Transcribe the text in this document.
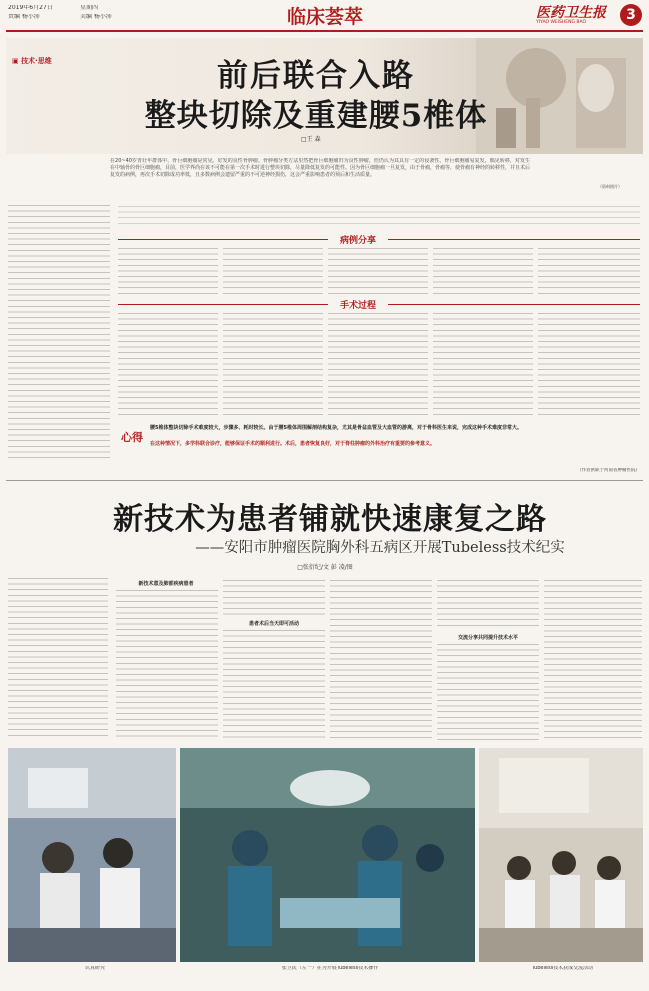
2019年6月27日	星期四
责编 杨小沛	美编 杨小沛	临床荟萃	医药卫生报
YIYAO WEISHENG BAO	3
▣ 技术·思维	前后联合入路
整块切除及重建腰5椎体
□王 森
在20~40岁青壮年群体中，骨巨细胞瘤是常见、好发的良性骨肿瘤。骨肿瘤分类方法里然把骨巨细胞瘤归为良性肿瘤，但仍认为其具有一定的侵袭性。骨巨细胞瘤易复发，偶见转移，对发生在中轴骨的骨巨细胞瘤，目前，医学界尚在该不可能在第一次手术时进行整块切除，尽量降低复发的可能性。因为骨巨细胞瘤一旦复发，由于骨瘤，骨瘤等，使骨瘤有神经的转移性，并且术后复发的病例，再次手术切除成功率低，且多数病例会遗留严重的不可逆神经损伤，这会严重影响患者的预后和生活质量。
（资料图片）
病例分享
手术过程
心得
腰5椎体整块切除手术难度较大，步骤多、耗时较长。由于腰5椎体周围解剖结构复杂，尤其是骨盆血管及大血管的游离，对于骨科医生来说，完成这种手术难度非常大。
在这种情况下，多学科联合诊疗，能够保证手术的顺利进行。术后，患者恢复良好，对于脊柱肿瘤的外科治疗有重要的参考意义。
（作者供职于河南省肿瘤医院）
新技术为患者铺就快速康复之路
——安阳市肿瘤医院胸外科五病区开展Tubeless技术纪实
□张衍纪/文 彭 凌/图
新技术意及肺部疾病患者
患者术后当天即可活动
交流分享共同提升技术水平
认真研究	张卫民（左一）在为开展Tubeless技术操作	Tubeless技术获成交流活动
